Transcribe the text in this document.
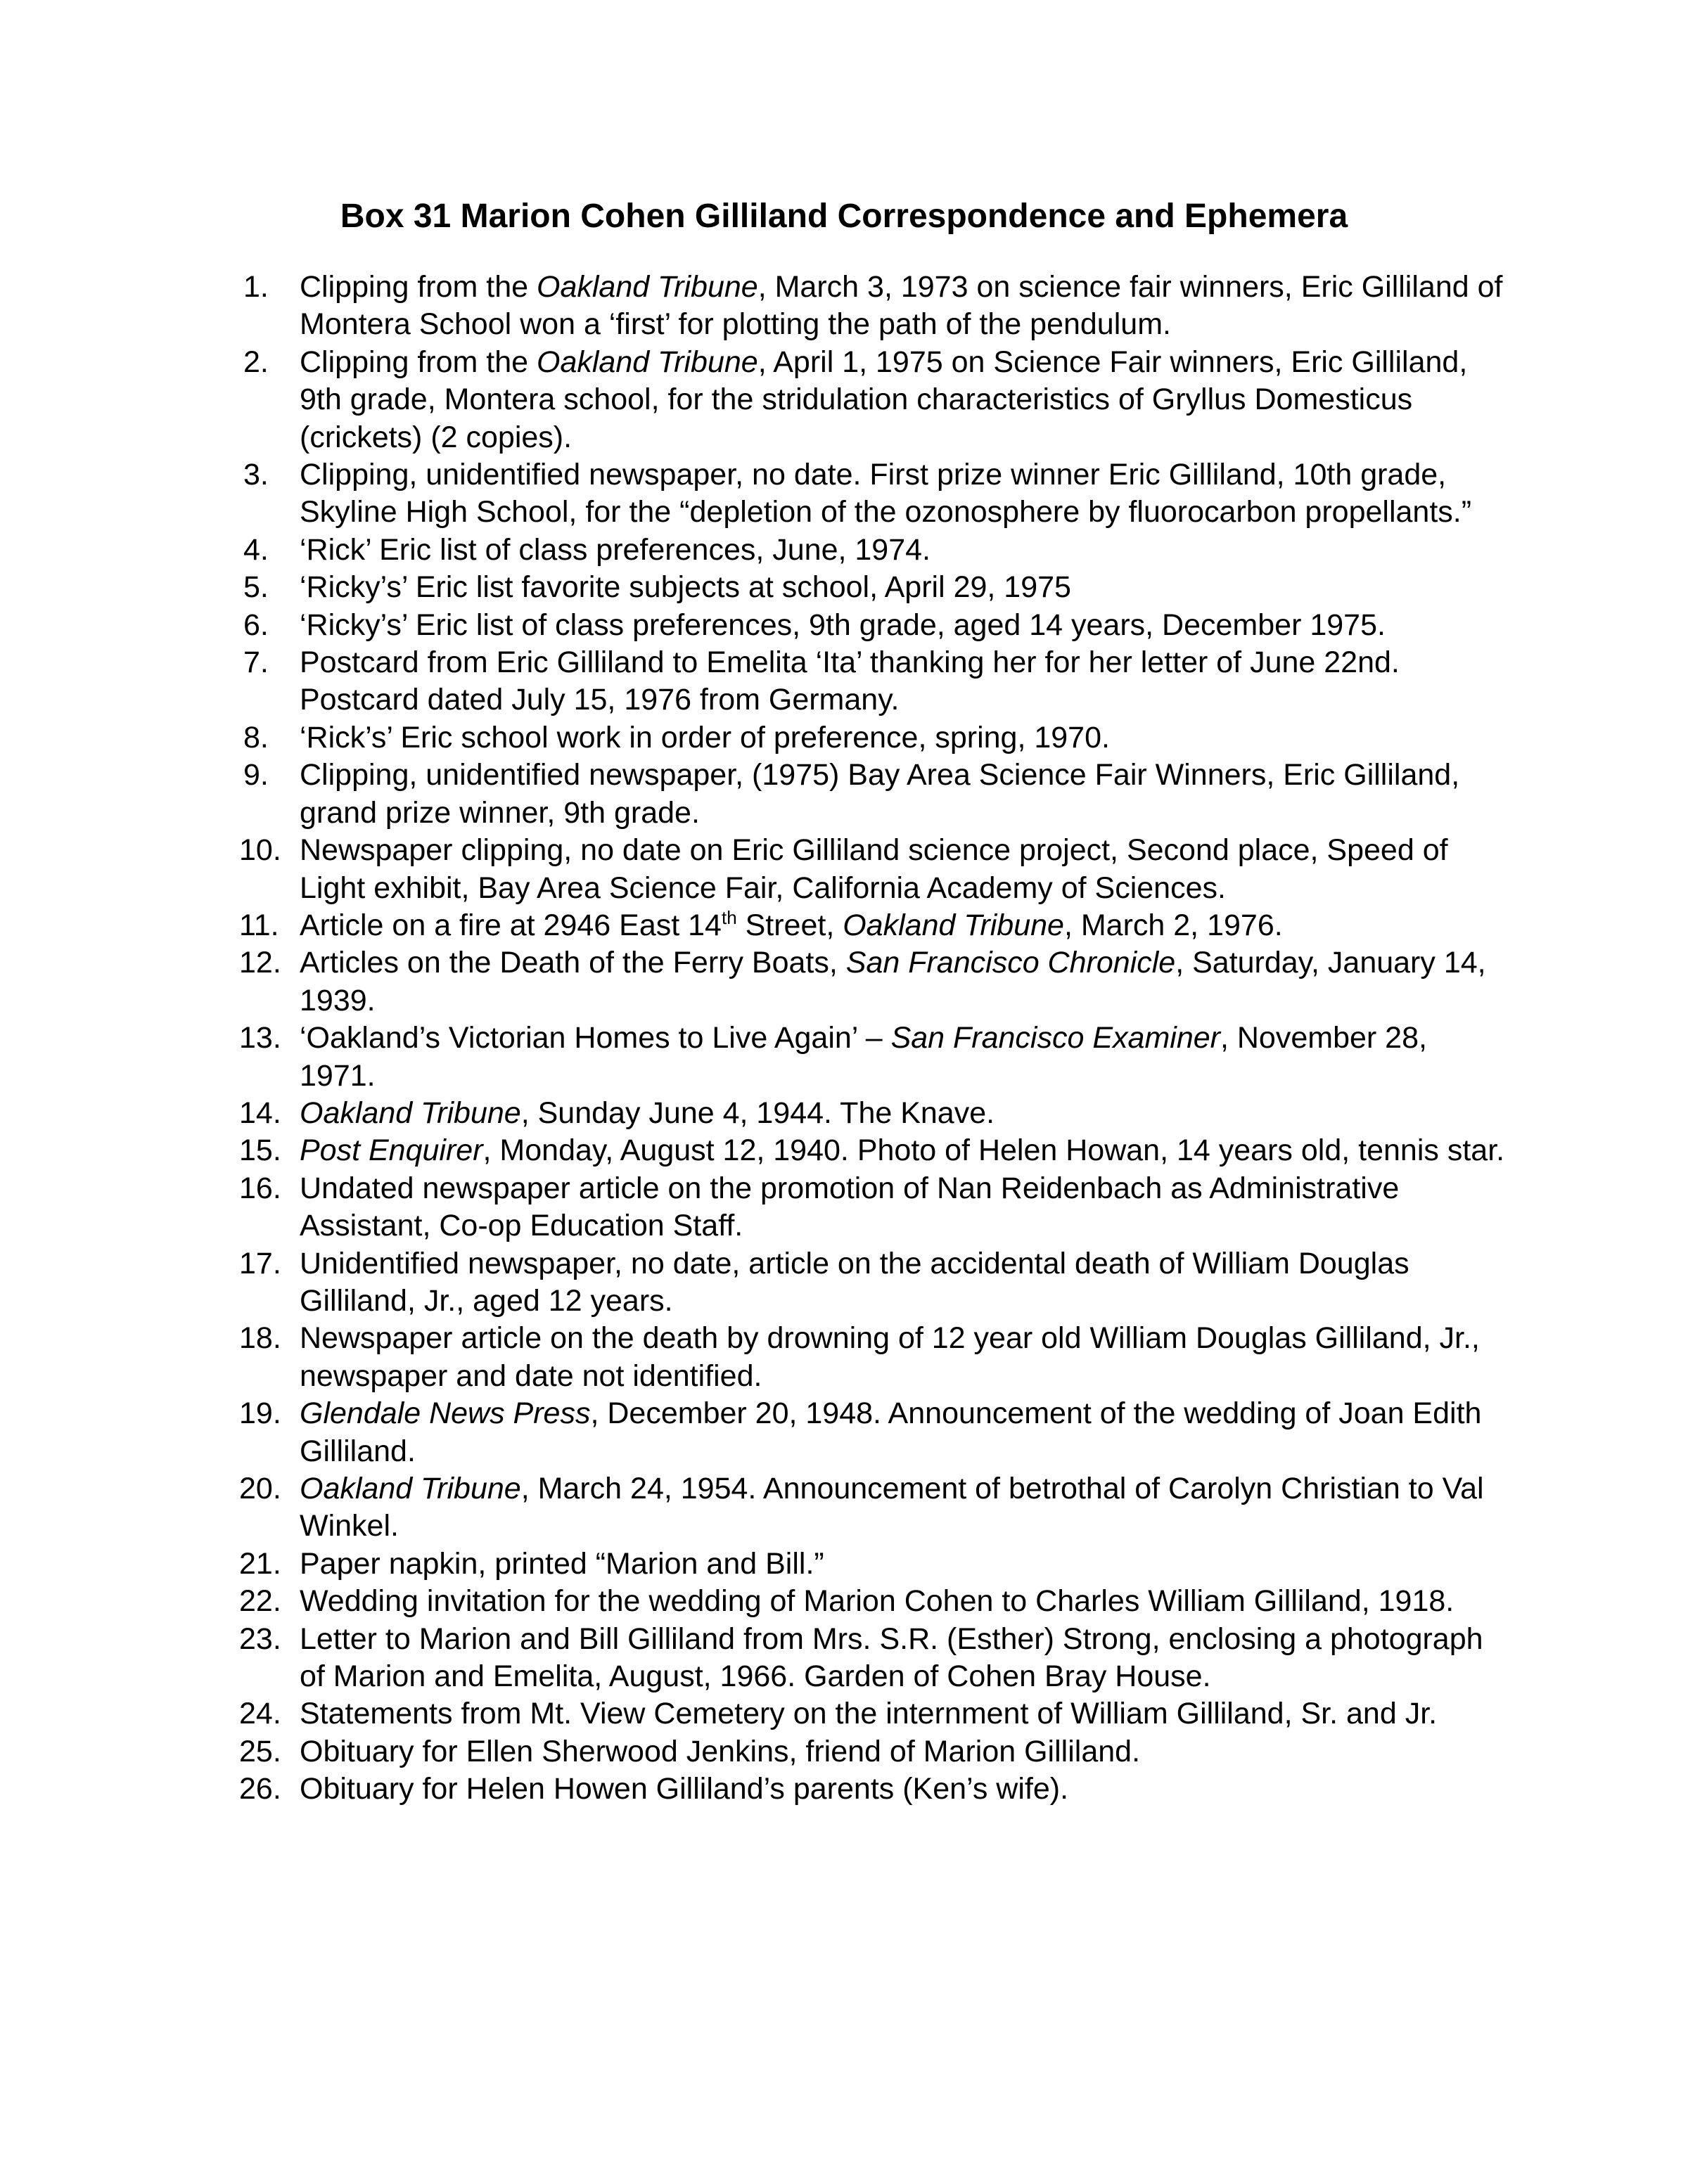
Box 31 Marion Cohen Gilliland Correspondence and Ephemera
1.	Clipping from the Oakland Tribune, March 3, 1973 on science fair winners, Eric Gilliland of Montera School won a ‘first’ for plotting the path of the pendulum.
2.	Clipping from the Oakland Tribune, April 1, 1975 on Science Fair winners, Eric Gilliland, 9th grade, Montera school, for the stridulation characteristics of Gryllus Domesticus (crickets) (2 copies).
3.	Clipping, unidentified newspaper, no date. First prize winner Eric Gilliland, 10th grade, Skyline High School, for the “depletion of the ozonosphere by fluorocarbon propellants.”
4.	‘Rick’ Eric list of class preferences, June, 1974.
5.	‘Ricky’s’ Eric list favorite subjects at school, April 29, 1975
6.	‘Ricky’s’ Eric list of class preferences, 9th grade, aged 14 years, December 1975.
7.	Postcard from Eric Gilliland to Emelita ‘Ita’ thanking her for her letter of June 22nd. Postcard dated July 15, 1976 from Germany.
8.	‘Rick’s’ Eric school work in order of preference, spring, 1970.
9.	Clipping, unidentified newspaper, (1975) Bay Area Science Fair Winners, Eric Gilliland, grand prize winner, 9th grade.
10. Newspaper clipping, no date on Eric Gilliland science project, Second place, Speed of Light exhibit, Bay Area Science Fair, California Academy of Sciences.
11. Article on a fire at 2946 East 14th Street, Oakland Tribune, March 2, 1976.
12. Articles on the Death of the Ferry Boats, San Francisco Chronicle, Saturday, January 14, 1939.
13. ‘Oakland’s Victorian Homes to Live Again’ – San Francisco Examiner, November 28, 1971.
14. Oakland Tribune, Sunday June 4, 1944. The Knave.
15. Post Enquirer, Monday, August 12, 1940. Photo of Helen Howan, 14 years old, tennis star.
16. Undated newspaper article on the promotion of Nan Reidenbach as Administrative Assistant, Co-op Education Staff.
17. Unidentified newspaper, no date, article on the accidental death of William Douglas Gilliland, Jr., aged 12 years.
18. Newspaper article on the death by drowning of 12 year old William Douglas Gilliland, Jr., newspaper and date not identified.
19. Glendale News Press, December 20, 1948. Announcement of the wedding of Joan Edith Gilliland.
20. Oakland Tribune, March 24, 1954. Announcement of betrothal of Carolyn Christian to Val Winkel.
21. Paper napkin, printed “Marion and Bill.”
22. Wedding invitation for the wedding of Marion Cohen to Charles William Gilliland, 1918.
23. Letter to Marion and Bill Gilliland from Mrs. S.R. (Esther) Strong, enclosing a photograph of Marion and Emelita, August, 1966. Garden of Cohen Bray House.
24. Statements from Mt. View Cemetery on the internment of William Gilliland, Sr. and Jr.
25. Obituary for Ellen Sherwood Jenkins, friend of Marion Gilliland.
26. Obituary for Helen Howen Gilliland’s parents (Ken’s wife).
